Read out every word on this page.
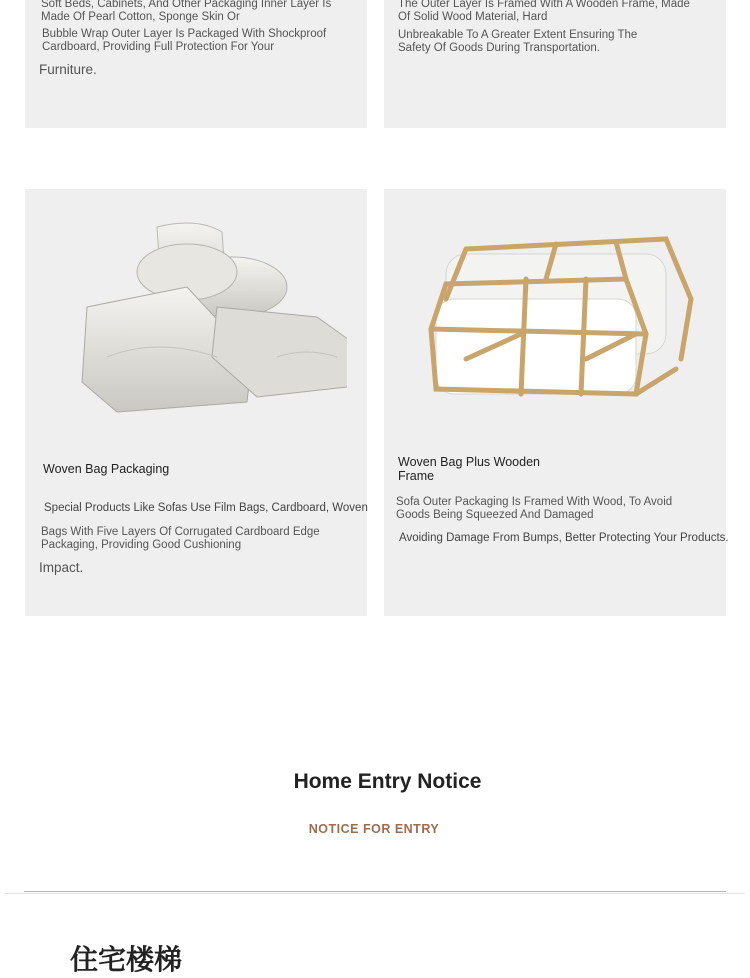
Soft Beds, Cabinets, And Other Packaging Inner Layer Is

Made Of Pearl Cotton, Sponge Skin Or

Bubble Wrap Outer Layer Is Packaged With Shockproof

Cardboard, Providing Full Protection For Your

Furniture.

The Outer Layer Is Framed With A Wooden Frame, Made

Of Solid Wood Material, Hard

Unbreakable To A Greater Extent Ensuring The

Safety Of Goods During Transportation.

Woven Bag Packaging

Special Products Like Sofas Use Film Bags, Cardboard, Woven

Bags With Five Layers Of Corrugated Cardboard Edge

Packaging, Providing Good Cushioning

Impact.

Woven Bag Plus Wooden

Frame

Sofa Outer Packaging Is Framed With Wood, To Avoid

Goods Being Squeezed And Damaged

Avoiding Damage From Bumps, Better Protecting Your Products.

Home Entry Notice
NOTICE FOR ENTRY
住宅楼梯
